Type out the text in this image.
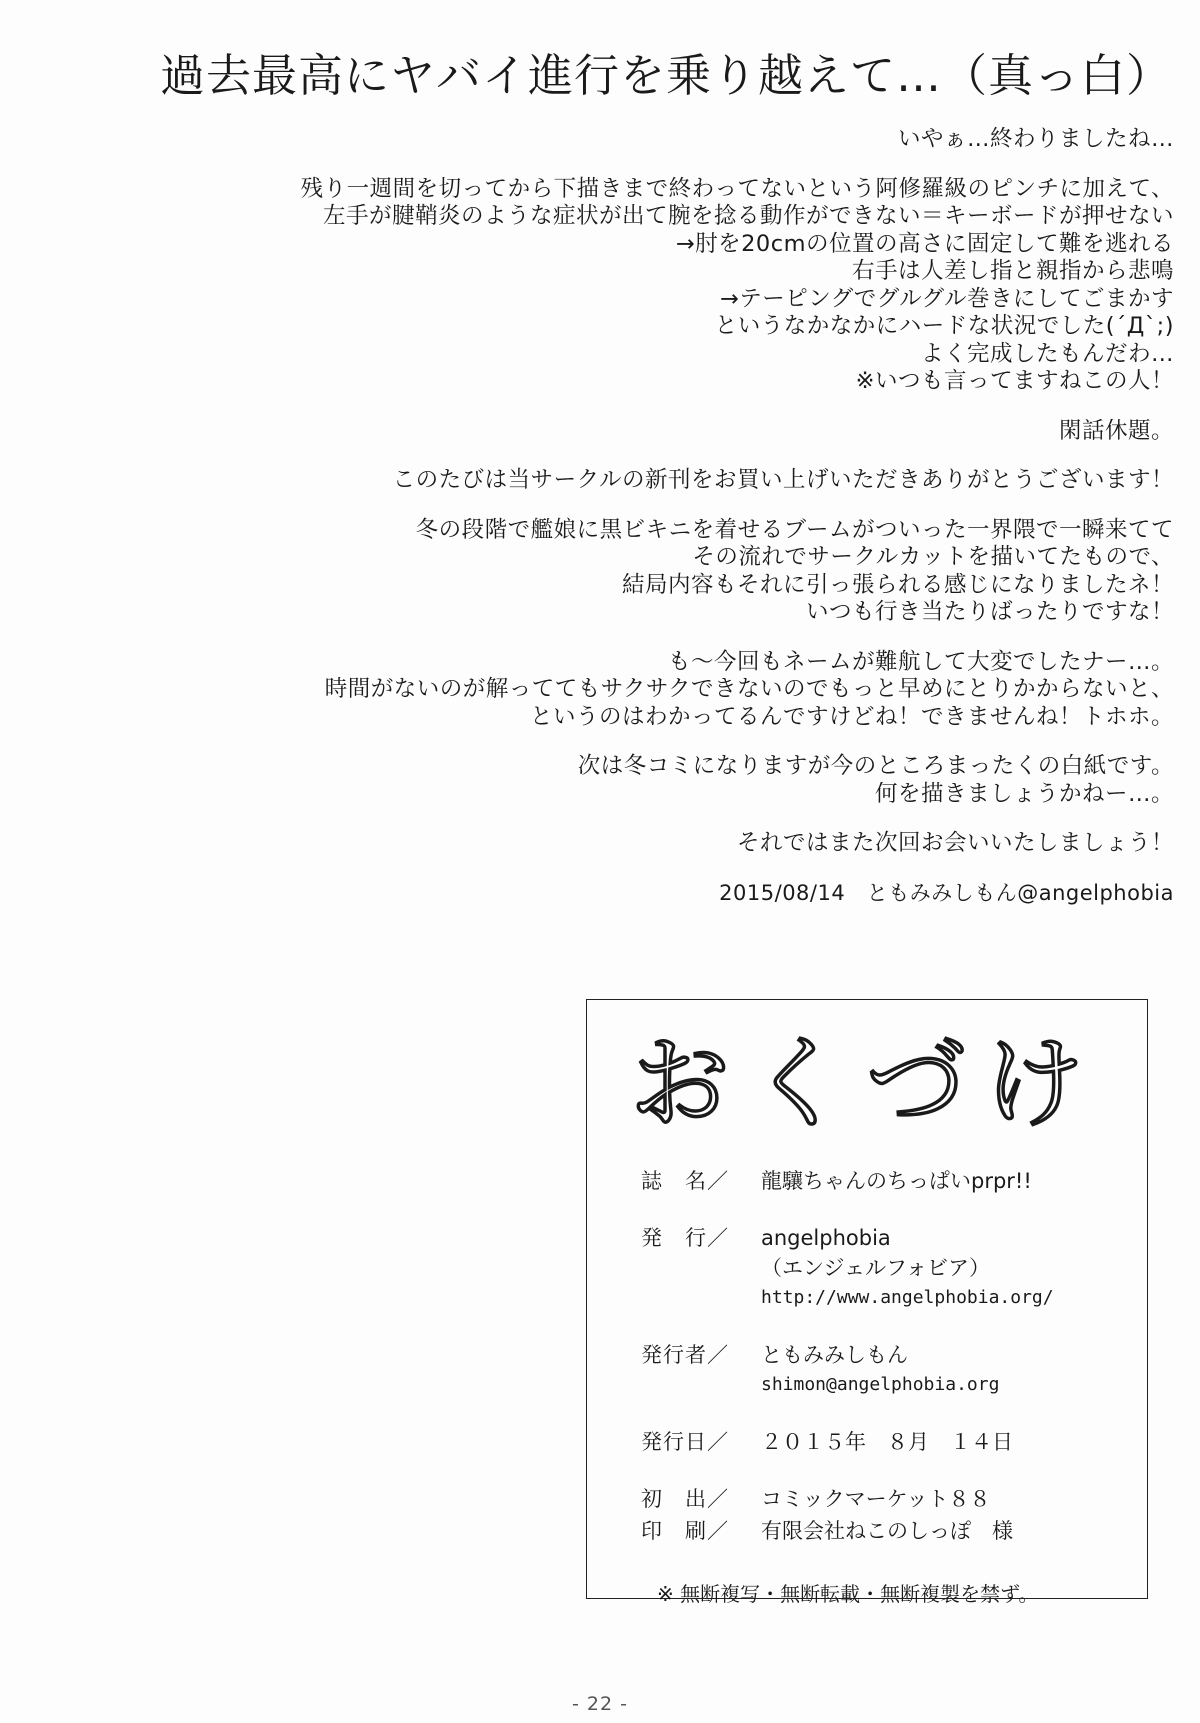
過去最高にヤバイ進行を乗り越えて…（真っ白）
いやぁ…終わりましたね…
残り一週間を切ってから下描きまで終わってないという阿修羅級のピンチに加えて、
左手が腱鞘炎のような症状が出て腕を捻る動作ができない＝キーボードが押せない
→肘を20cmの位置の高さに固定して難を逃れる
右手は人差し指と親指から悲鳴
→テーピングでグルグル巻きにしてごまかす
というなかなかにハードな状況でした(´Д`;)
よく完成したもんだわ…
※いつも言ってますねこの人！
閑話休題。
このたびは当サークルの新刊をお買い上げいただきありがとうございます！
冬の段階で艦娘に黒ビキニを着せるブームがついった一界隈で一瞬来てて
その流れでサークルカットを描いてたもので、
結局内容もそれに引っ張られる感じになりましたネ！
いつも行き当たりばったりですな！
も～今回もネームが難航して大変でしたナー…。
時間がないのが解っててもサクサクできないのでもっと早めにとりかからないと、
というのはわかってるんですけどね！できませんね！トホホ。
次は冬コミになりますが今のところまったくの白紙です。
何を描きましょうかねー…。
それではまた次回お会いいたしましょう！
2015/08/14　ともみみしもん@angelphobia
おくづけ
誌　名／	龍驤ちゃんのちっぱいprpr!!
発　行／	angelphobia
（エンジェルフォビア）
http://www.angelphobia.org/
発行者／	ともみみしもん
shimon@angelphobia.org
発行日／	２０１５年　８月　１４日
初　出／	コミックマーケット８８
印　刷／	有限会社ねこのしっぽ　様
※ 無断複写・無断転載・無断複製を禁ず。
- 22 -
